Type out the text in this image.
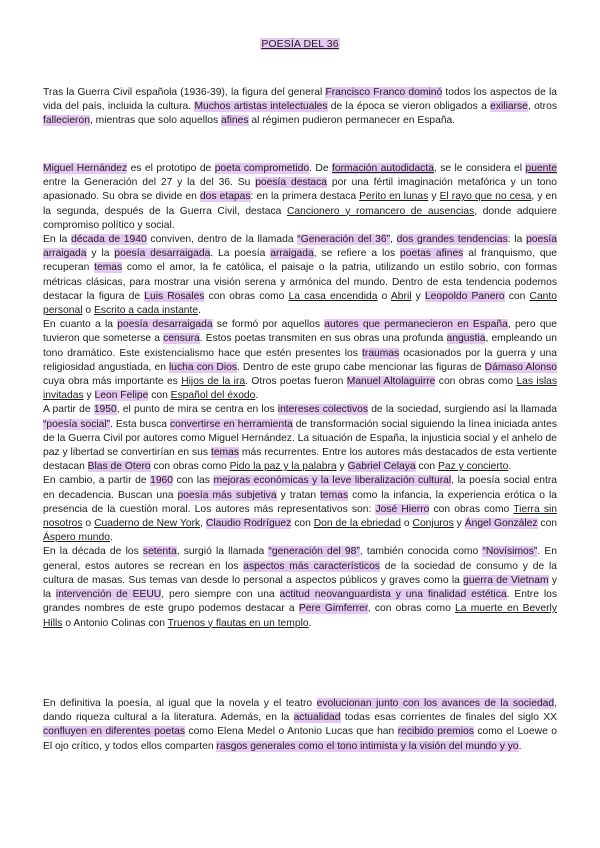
POESÍA DEL 36

Tras la Guerra Civil española (1936-39), la figura del general Francisco Franco dominó todos los aspectos de la vida del país, incluida la cultura. Muchos artistas intelectuales de la época se vieron obligados a exiliarse, otros fallecieron, mientras que solo aquellos afines al régimen pudieron permanecer en España.

Miguel Hernández es el prototipo de poeta comprometido. De formación autodidacta, se le considera el puente entre la Generación del 27 y la del 36. Su poesía destaca por una fértil imaginación metafórica y un tono apasionado. Su obra se divide en dos etapas: en la primera destaca Perito en lunas y El rayo que no cesa, y en la segunda, después de la Guerra Civil, destaca Cancionero y romancero de ausencias, donde adquiere compromiso político y social.

En la década de 1940 conviven, dentro de la llamada “Generación del 36”, dos grandes tendencias: la poesía arraigada y la poesía desarraigada. La poesía arraigada, se refiere a los poetas afines al franquismo, que recuperan temas como el amor, la fe católica, el paisaje o la patria, utilizando un estilo sobrio, con formas métricas clásicas, para mostrar una visión serena y armónica del mundo. Dentro de esta tendencia podemos destacar la figura de Luis Rosales con obras como La casa encendida o Abril y Leopoldo Panero con Canto personal o Escrito a cada instante.

En cuanto a la poesía desarraigada se formó por aquellos autores que permanecieron en España, pero que tuvieron que someterse a censura. Estos poetas transmiten en sus obras una profunda angustia, empleando un tono dramático. Este existencialismo hace que estén presentes los traumas ocasionados por la guerra y una religiosidad angustiada, en lucha con Dios. Dentro de este grupo cabe mencionar las figuras de Dámaso Alonso cuya obra más importante es Hijos de la ira. Otros poetas fueron Manuel Altolaguirre con obras como Las islas invitadas y Leon Felipe con Español del éxodo.

A partir de 1950, el punto de mira se centra en los intereses colectivos de la sociedad, surgiendo así la llamada “poesía social”. Esta busca convertirse en herramienta de transformación social siguiendo la línea iniciada antes de la Guerra Civil por autores como Miguel Hernández. La situación de España, la injusticia social y el anhelo de paz y libertad se convertirían en sus temas más recurrentes. Entre los autores más destacados de esta vertiente destacan Blas de Otero con obras como Pido la paz y la palabra y Gabriel Celaya con Paz y concierto.

En cambio, a partir de 1960 con las mejoras económicas y la leve liberalización cultural, la poesía social entra en decadencia. Buscan una poesía más subjetiva y tratan temas como la infancia, la experiencia erótica o la presencia de la cuestión moral. Los autores más representativos son: José Hierro con obras como Tierra sin nosotros o Cuaderno de New York, Claudio Rodríguez con Don de la ebriedad o Conjuros y Ángel González con Áspero mundo.

En la década de los setenta, surgió la llamada “generación del 98”, también conocida como “Novísimos”. En general, estos autores se recrean en los aspectos más característicos de la sociedad de consumo y de la cultura de masas. Sus temas van desde lo personal a aspectos públicos y graves como la guerra de Vietnam y la intervención de EEUU, pero siempre con una actitud neovanguardista y una finalidad estética. Entre los grandes nombres de este grupo podemos destacar a Pere Gimferrer, con obras como La muerte en Beverly Hills o Antonio Colinas con Truenos y flautas en un templo.

En definitiva la poesía, al igual que la novela y el teatro evolucionan junto con los avances de la sociedad, dando riqueza cultural a la literatura. Además, en la actualidad todas esas corrientes de finales del siglo XX confluyen en diferentes poetas como Elena Medel o Antonio Lucas que han recibido premios como el Loewe o El ojo crítico, y todos ellos comparten rasgos generales como el tono intimista y la visión del mundo y yo.
